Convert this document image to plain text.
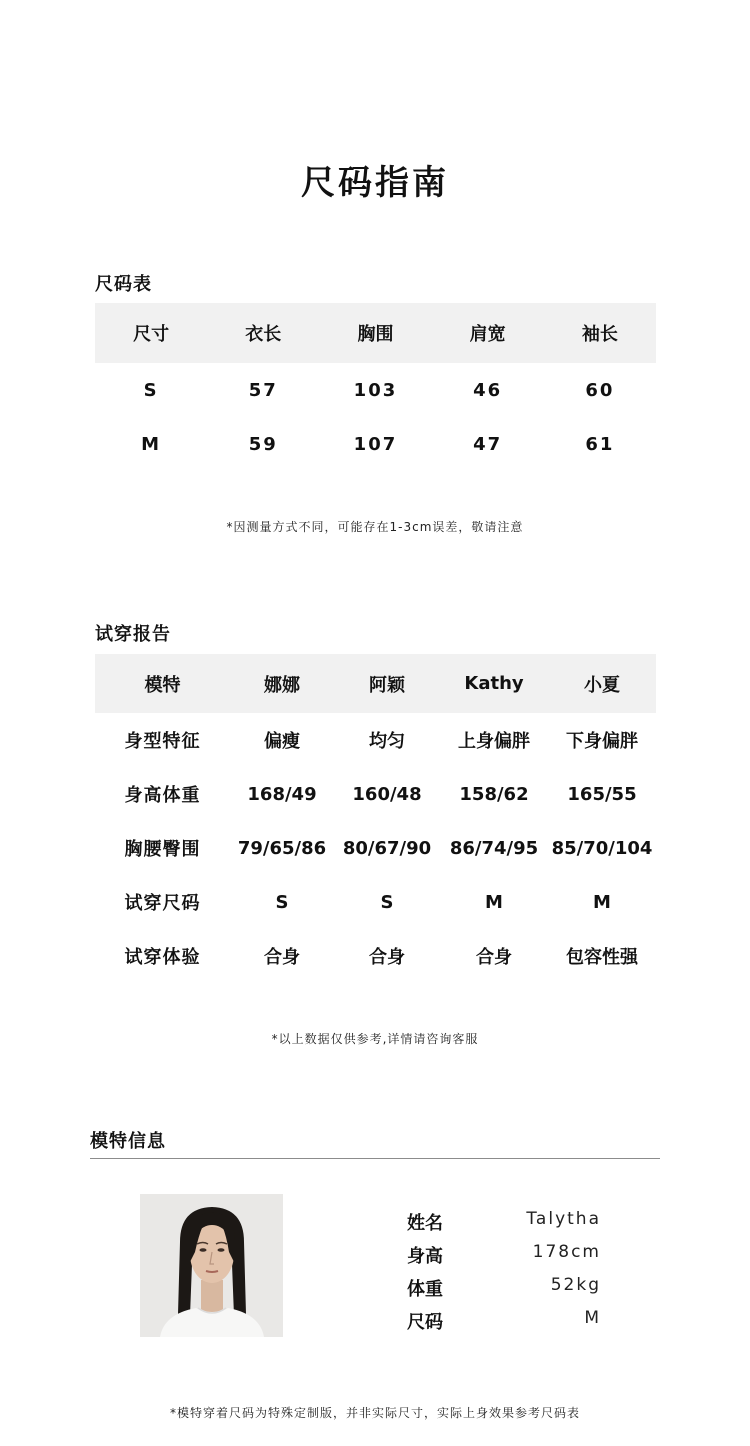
尺码指南
尺码表
尺寸	衣长	胸围	肩宽	袖长
S	57	103	46	60
M	59	107	47	61
*因测量方式不同，可能存在1-3cm误差，敬请注意
试穿报告
模特	娜娜	阿颖	Kathy	小夏
身型特征	偏瘦	均匀	上身偏胖	下身偏胖
身高体重	168/49	160/48	158/62	165/55
胸腰臀围	79/65/86	80/67/90	86/74/95	85/70/104
试穿尺码	S	S	M	M
试穿体验	合身	合身	合身	包容性强
*以上数据仅供参考,详情请咨询客服
模特信息
姓名	Talytha
身高	178cm
体重	52kg
尺码	M
*模特穿着尺码为特殊定制版，并非实际尺寸，实际上身效果参考尺码表
